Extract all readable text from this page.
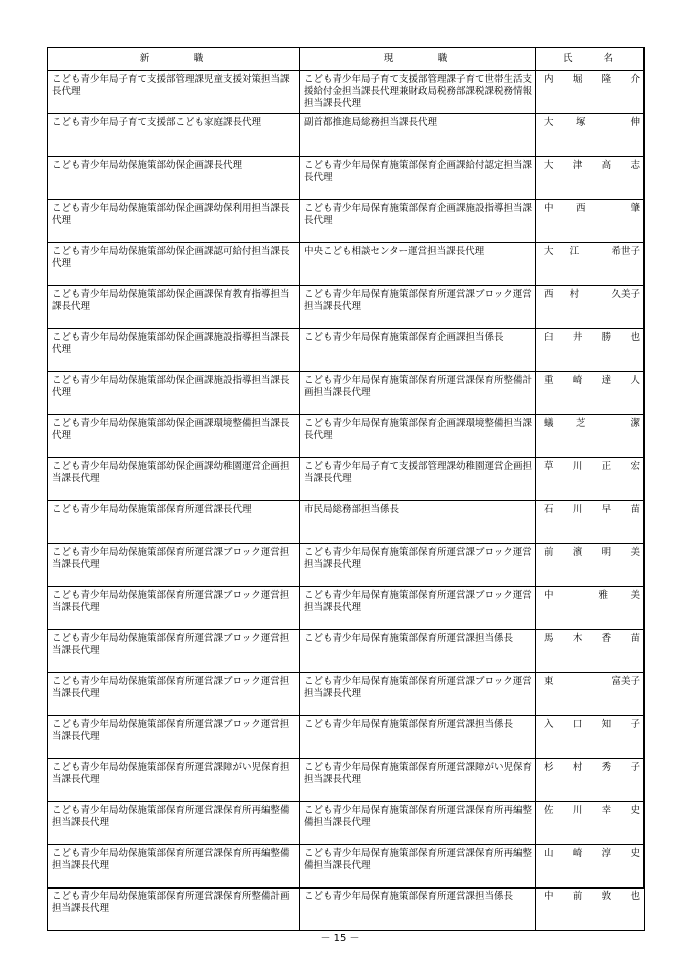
新　　　職	現　　　職	氏　　名
こども青少年局子育て支援部管理課児童支援対策担当課長代理	こども青少年局子育て支援部管理課子育て世帯生活支援給付金担当課長代理兼財政局税務部課税課税務情報担当課長代理	内 堀 隆 介

こども青少年局子育て支援部こども家庭課長代理	副首都推進局総務担当課長代理	大 塚 伸

こども青少年局幼保施策部幼保企画課長代理	こども青少年局保育施策部保育企画課給付認定担当課長代理	大 津 高 志

こども青少年局幼保施策部幼保企画課幼保利用担当課長代理	こども青少年局保育施策部保育企画課施設指導担当課長代理	中 西 肇

こども青少年局幼保施策部幼保企画課認可給付担当課長代理	中央こども相談センター運営担当課長代理	大 江 希世子

こども青少年局幼保施策部幼保企画課保育教育指導担当課長代理	こども青少年局保育施策部保育所運営課ブロック運営担当課長代理	西 村 久美子

こども青少年局幼保施策部幼保企画課施設指導担当課長代理	こども青少年局保育施策部保育企画課担当係長	臼 井 勝 也

こども青少年局幼保施策部幼保企画課施設指導担当課長代理	こども青少年局保育施策部保育所運営課保育所整備計画担当課長代理	重 崎 達 人

こども青少年局幼保施策部幼保企画課環境整備担当課長代理	こども青少年局保育施策部保育企画課環境整備担当課長代理	蟻 芝 潔

こども青少年局幼保施策部幼保企画課幼稚園運営企画担当課長代理	こども青少年局子育て支援部管理課幼稚園運営企画担当課長代理	草 川 正 宏

こども青少年局幼保施策部保育所運営課長代理	市民局総務部担当係長	石 川 早 苗

こども青少年局幼保施策部保育所運営課ブロック運営担当課長代理	こども青少年局保育施策部保育所運営課ブロック運営担当課長代理	前 濱 明 美

こども青少年局幼保施策部保育所運営課ブロック運営担当課長代理	こども青少年局保育施策部保育所運営課ブロック運営担当課長代理	中 雅 美

こども青少年局幼保施策部保育所運営課ブロック運営担当課長代理	こども青少年局保育施策部保育所運営課担当係長	馬 木 香 苗

こども青少年局幼保施策部保育所運営課ブロック運営担当課長代理	こども青少年局保育施策部保育所運営課ブロック運営担当課長代理	東 富美子

こども青少年局幼保施策部保育所運営課ブロック運営担当課長代理	こども青少年局保育施策部保育所運営課担当係長	入 口 知 子

こども青少年局幼保施策部保育所運営課障がい児保育担当課長代理	こども青少年局保育施策部保育所運営課障がい児保育担当課長代理	杉 村 秀 子

こども青少年局幼保施策部保育所運営課保育所再編整備担当課長代理	こども青少年局保育施策部保育所運営課保育所再編整備担当課長代理	佐 川 幸 史

こども青少年局幼保施策部保育所運営課保育所再編整備担当課長代理	こども青少年局保育施策部保育所運営課保育所再編整備担当課長代理	山 崎 淳 史

こども青少年局幼保施策部保育所運営課保育所整備計画担当課長代理	こども青少年局保育施策部保育所運営課担当係長	中 前 敦 也
－ 15 －
